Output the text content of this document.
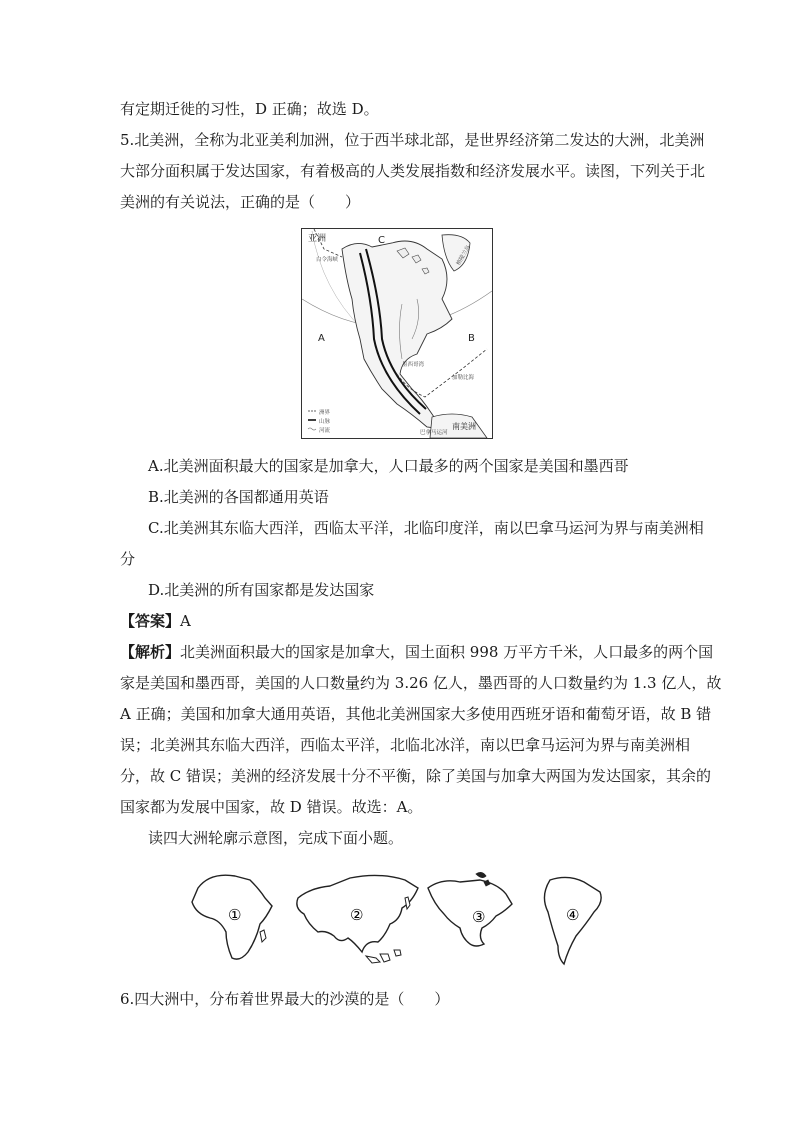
有定期迁徙的习性，D 正确；故选 D。
5.北美洲，全称为北亚美利加洲，位于西半球北部，是世界经济第二发达的大洲，北美洲
大部分面积属于发达国家，有着极高的人类发展指数和经济发展水平。读图，下列关于北
美洲的有关说法，正确的是（　　）
亚洲	C
A	B
南美洲
白令海峡	格陵兰岛
墨西哥湾
加勒比海
巴拿马运河
洲界
山脉
河流
A.北美洲面积最大的国家是加拿大，人口最多的两个国家是美国和墨西哥
B.北美洲的各国都通用英语
C.北美洲其东临大西洋，西临太平洋，北临印度洋，南以巴拿马运河为界与南美洲相
分
D.北美洲的所有国家都是发达国家
【答案】A
【解析】北美洲面积最大的国家是加拿大，国土面积 998 万平方千米，人口最多的两个国
家是美国和墨西哥，美国的人口数量约为 3.26 亿人，墨西哥的人口数量约为 1.3 亿人，故
A 正确；美国和加拿大通用英语，其他北美洲国家大多使用西班牙语和葡萄牙语，故 B 错
误；北美洲其东临大西洋，西临太平洋，北临北冰洋，南以巴拿马运河为界与南美洲相
分，故 C 错误；美洲的经济发展十分不平衡，除了美国与加拿大两国为发达国家，其余的
国家都为发展中国家，故 D 错误。故选：A。
读四大洲轮廓示意图，完成下面小题。
①	②	③	④
6.四大洲中，分布着世界最大的沙漠的是（　　）
